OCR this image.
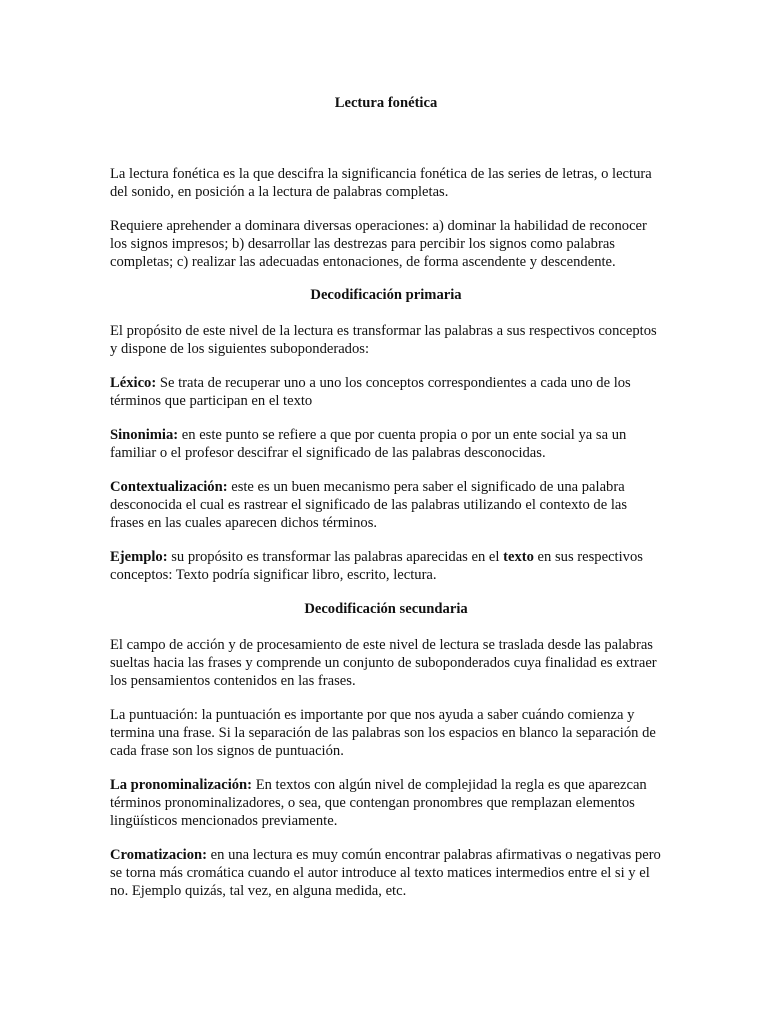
Lectura fonética

La lectura fonética es la que descifra la significancia fonética de las series de letras, o lectura del sonido, en posición a la lectura de palabras completas.

Requiere aprehender a dominara diversas operaciones: a) dominar la habilidad de reconocer los signos impresos; b) desarrollar las destrezas para percibir los signos como palabras completas; c) realizar las adecuadas entonaciones, de forma ascendente y descendente.

Decodificación primaria

El propósito de este nivel de la lectura es transformar las palabras a sus respectivos conceptos y dispone de los siguientes suboponderados:

Léxico: Se trata de recuperar uno a uno los conceptos correspondientes a cada uno de los términos que participan en el texto

Sinonimia: en este punto se refiere a que por cuenta propia o por un ente social ya sa un familiar o el profesor descifrar el significado de las palabras desconocidas.

Contextualización: este es un buen mecanismo pera saber el significado de una palabra desconocida el cual es rastrear el significado de las palabras utilizando el contexto de las frases en las cuales aparecen dichos términos.

Ejemplo: su propósito es transformar las palabras aparecidas en el texto en sus respectivos conceptos: Texto podría significar libro, escrito, lectura.

Decodificación secundaria

El campo de acción y de procesamiento de este nivel de lectura se traslada desde las palabras sueltas hacia las frases y comprende un conjunto de suboponderados cuya finalidad es extraer los pensamientos contenidos en las frases.

La puntuación: la puntuación es importante por que nos ayuda a saber cuándo comienza y termina una frase. Si la separación de las palabras son los espacios en blanco la separación de cada frase son los signos de puntuación.

La pronominalización: En textos con algún nivel de complejidad la regla es que aparezcan términos pronominalizadores, o sea, que contengan pronombres que remplazan elementos lingüísticos mencionados previamente.

Cromatizacion: en una lectura es muy común encontrar palabras afirmativas o negativas pero se torna más cromática cuando el autor introduce al texto matices intermedios entre el si y el no. Ejemplo quizás, tal vez, en alguna medida, etc.
